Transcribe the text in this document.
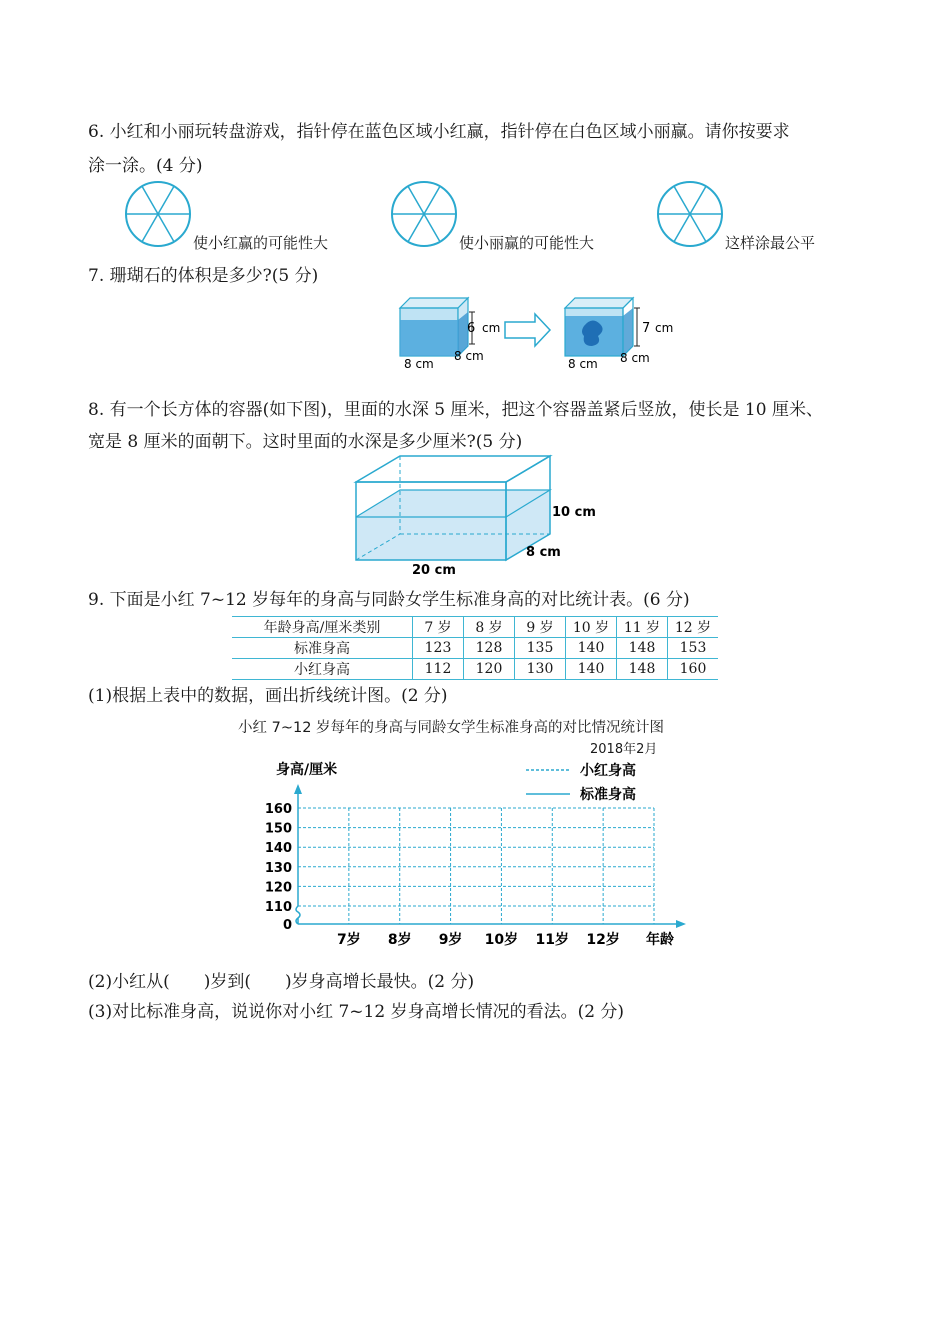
6. 小红和小丽玩转盘游戏，指针停在蓝色区域小红赢，指针停在白色区域小丽赢。请你按要求
涂一涂。(4 分)
使小红赢的可能性大	使小丽赢的可能性大	这样涂最公平
7. 珊瑚石的体积是多少?(5 分)
6 cm
8 cm
8 cm
7 cm
8 cm 8 cm
8. 有一个长方体的容器(如下图)，里面的水深 5 厘米，把这个容器盖紧后竖放，使长是 10 厘米、
宽是 8 厘米的面朝下。这时里面的水深是多少厘米?(5 分)
10 cm
8 cm
20 cm
9. 下面是小红 7~12 岁每年的身高与同龄女学生标准身高的对比统计表。(6 分)
年龄身高/厘米类别	7 岁	8 岁	9 岁	10 岁	11 岁	12 岁
标准身高	123	128	135	140	148	153
小红身高	112	120	130	140	148	160
(1)根据上表中的数据，画出折线统计图。(2 分)
小红 7~12 岁每年的身高与同龄女学生标准身高的对比情况统计图
2018年2月
身高/厘米	小红身高
标准身高
160
150
140
130
120
110
0
7岁 8岁 9岁 10岁 11岁 12岁 年龄
(2)小红从(　　)岁到(　　)岁身高增长最快。(2 分)
(3)对比标准身高，说说你对小红 7~12 岁身高增长情况的看法。(2 分)
